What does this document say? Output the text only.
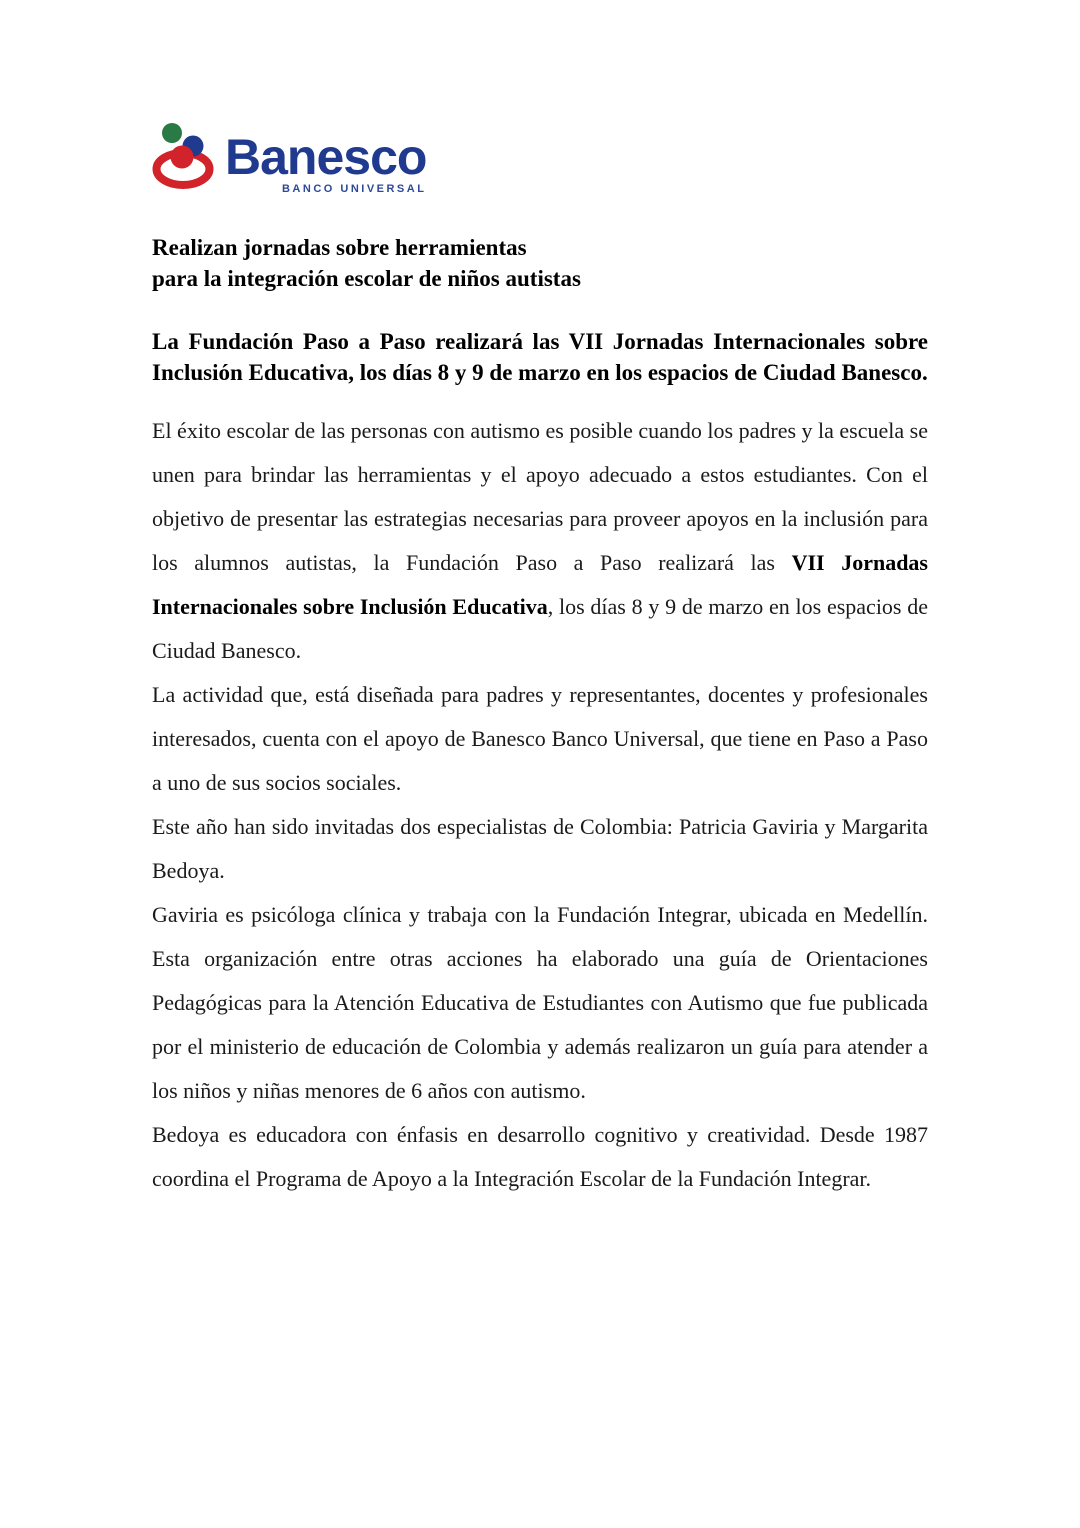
Banesco
BANCO UNIVERSAL
Realizan jornadas sobre herramientas
para la integración escolar de niños autistas
La Fundación Paso a Paso realizará las VII Jornadas Internacionales sobre Inclusión Educativa, los días 8 y 9 de marzo en los espacios de Ciudad Banesco.

El éxito escolar de las personas con autismo es posible cuando los padres y la escuela se unen para brindar las herramientas y el apoyo adecuado a estos estudiantes. Con el objetivo de presentar las estrategias necesarias para proveer apoyos en la inclusión para los alumnos autistas, la Fundación Paso a Paso realizará las VII Jornadas Internacionales sobre Inclusión Educativa, los días 8 y 9 de marzo en los espacios de Ciudad Banesco.

La actividad que, está diseñada para padres y representantes, docentes y profesionales interesados, cuenta con el apoyo de Banesco Banco Universal, que tiene en Paso a Paso a uno de sus socios sociales.

Este año han sido invitadas dos especialistas de Colombia: Patricia Gaviria y Margarita Bedoya.

Gaviria es psicóloga clínica y trabaja con la Fundación Integrar, ubicada en Medellín. Esta organización entre otras acciones ha elaborado una guía de Orientaciones Pedagógicas para la Atención Educativa de Estudiantes con Autismo que fue publicada por el ministerio de educación de Colombia y además realizaron un guía para atender a los niños y niñas menores de 6 años con autismo.

Bedoya es educadora con énfasis en desarrollo cognitivo y creatividad. Desde 1987 coordina el Programa de Apoyo a la Integración Escolar de la Fundación Integrar.
